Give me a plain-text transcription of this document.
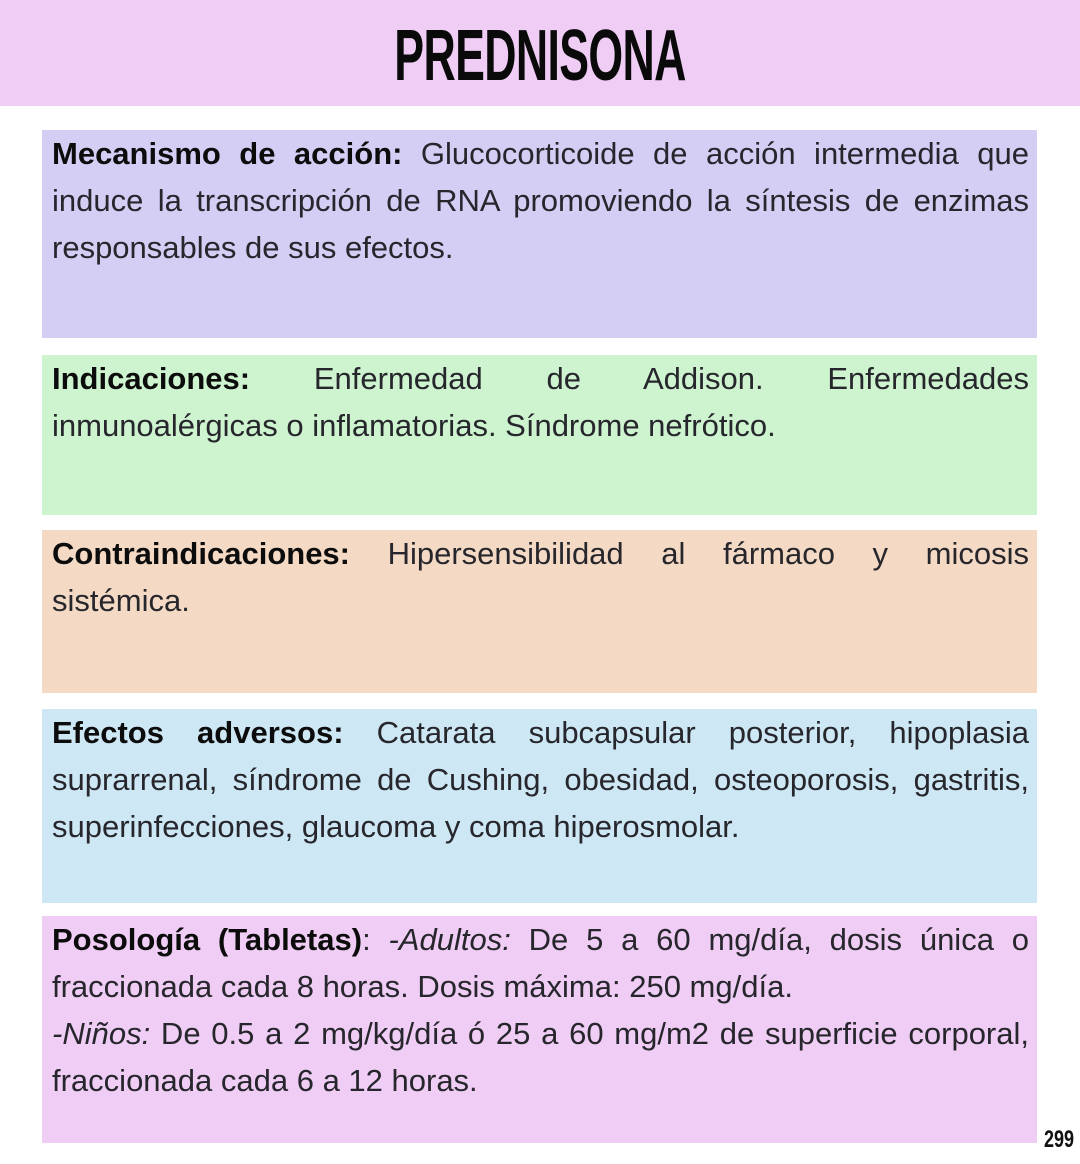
PREDNISONA

Mecanismo de acción: Glucocorticoide de acción intermedia que induce la transcripción de RNA promoviendo la síntesis de enzimas responsables de sus efectos.

Indicaciones: Enfermedad de Addison. Enfermedades inmunoalérgicas o inflamatorias. Síndrome nefrótico.

Contraindicaciones: Hipersensibilidad al fármaco y micosis sistémica.

Efectos adversos: Catarata subcapsular posterior, hipoplasia suprarrenal, síndrome de Cushing, obesidad, osteoporosis, gastritis, superinfecciones, glaucoma y coma hiperosmolar.

Posología (Tabletas): -Adultos: De 5 a 60 mg/día, dosis única o fraccionada cada 8 horas. Dosis máxima: 250 mg/día.

-Niños: De 0.5 a 2 mg/kg/día ó 25 a 60 mg/m2 de superficie corporal, fraccionada cada 6 a 12 horas.

299
